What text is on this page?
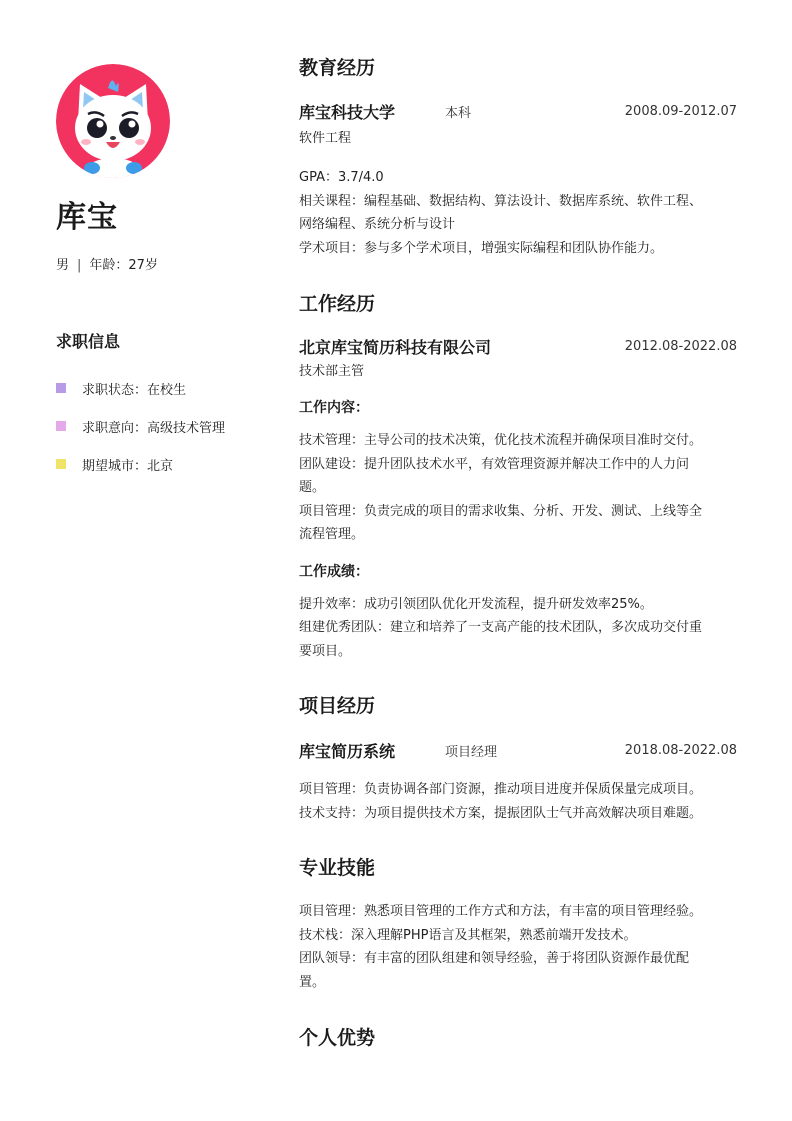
库宝
男 | 年龄：27岁
求职信息
求职状态：在校生
求职意向：高级技术管理
期望城市：北京
教育经历
库宝科技大学	本科	2008.09-2012.07
软件工程

GPA：3.7/4.0

相关课程：编程基础、数据结构、算法设计、数据库系统、软件工程、

网络编程、系统分析与设计

学术项目：参与多个学术项目，增强实际编程和团队协作能力。

工作经历
北京库宝简历科技有限公司	2012.08-2022.08
技术部主管
工作内容：

技术管理：主导公司的技术决策，优化技术流程并确保项目准时交付。

团队建设：提升团队技术水平，有效管理资源并解决工作中的人力问

题。

项目管理：负责完成的项目的需求收集、分析、开发、测试、上线等全

流程管理。

工作成绩：

提升效率：成功引领团队优化开发流程，提升研发效率25%。

组建优秀团队：建立和培养了一支高产能的技术团队，多次成功交付重

要项目。

项目经历
库宝简历系统	项目经理	2018.08-2022.08

项目管理：负责协调各部门资源，推动项目进度并保质保量完成项目。

技术支持：为项目提供技术方案，提振团队士气并高效解决项目难题。

专业技能

项目管理：熟悉项目管理的工作方式和方法，有丰富的项目管理经验。

技术栈：深入理解PHP语言及其框架，熟悉前端开发技术。

团队领导：有丰富的团队组建和领导经验，善于将团队资源作最优配

置。

个人优势
